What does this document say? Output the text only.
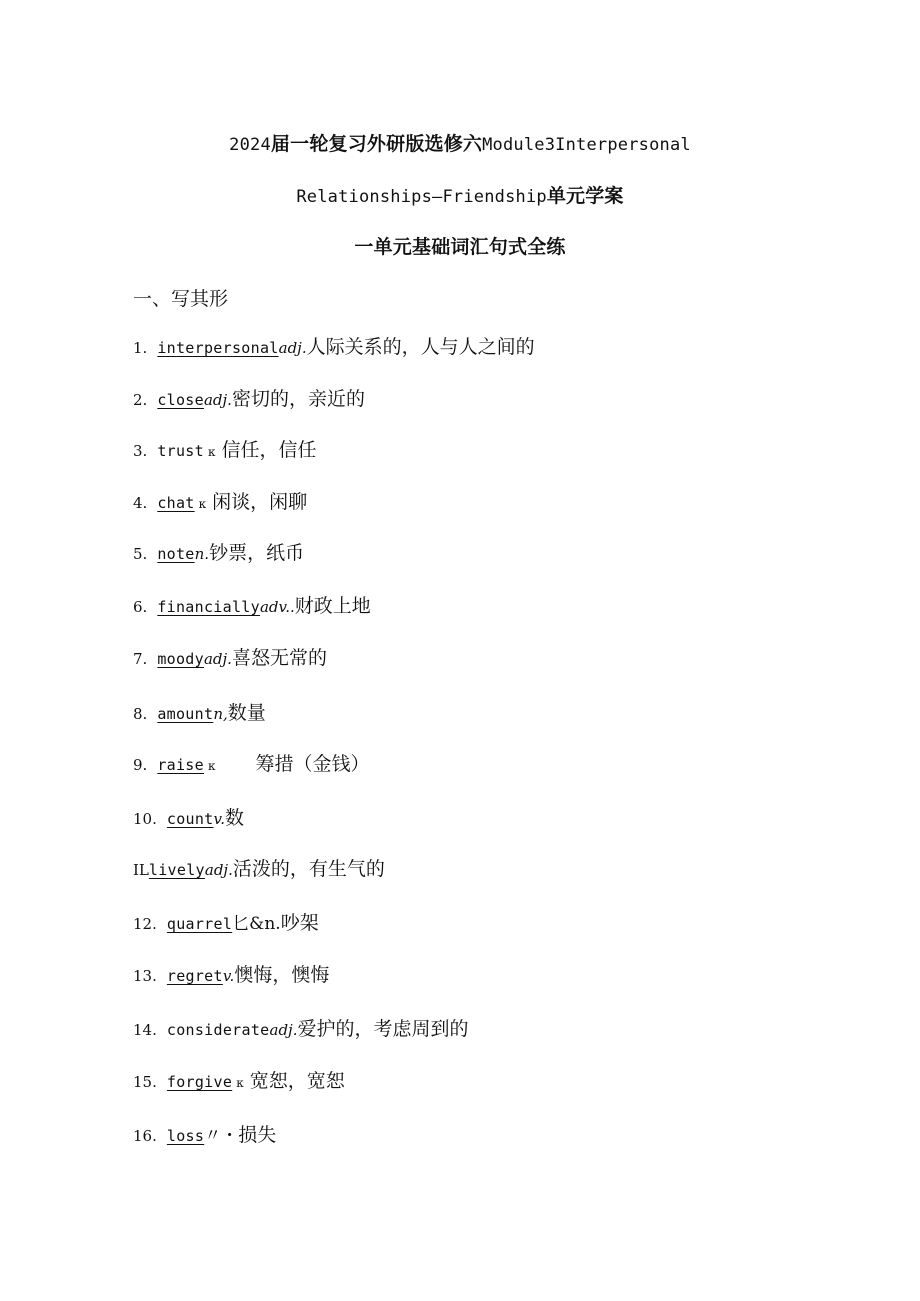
2024届一轮复习外研版选修六Module3Interpersonal
Relationships—Friendship单元学案
一单元基础词汇句式全练
一、写其形
1. interpersonaladj.人际关系的，人与人之间的
2. closeadj.密切的，亲近的
3. trust κ 信任，信任
4. chat κ 闲谈，闲聊
5. noten.钞票，纸币
6. financiallyadv..财政上地
7. moodyadj.喜怒无常的
8. amountn,数量
9. raise κ 筹措（金钱）
10. countv.数
ILlivelyadj.活泼的，有生气的
12. quarrel匕&n.吵架
13. regretv.懊悔，懊悔
14. considerateadj.爱护的，考虑周到的
15. forgive κ 宽恕，宽恕
16. loss〃・损失
